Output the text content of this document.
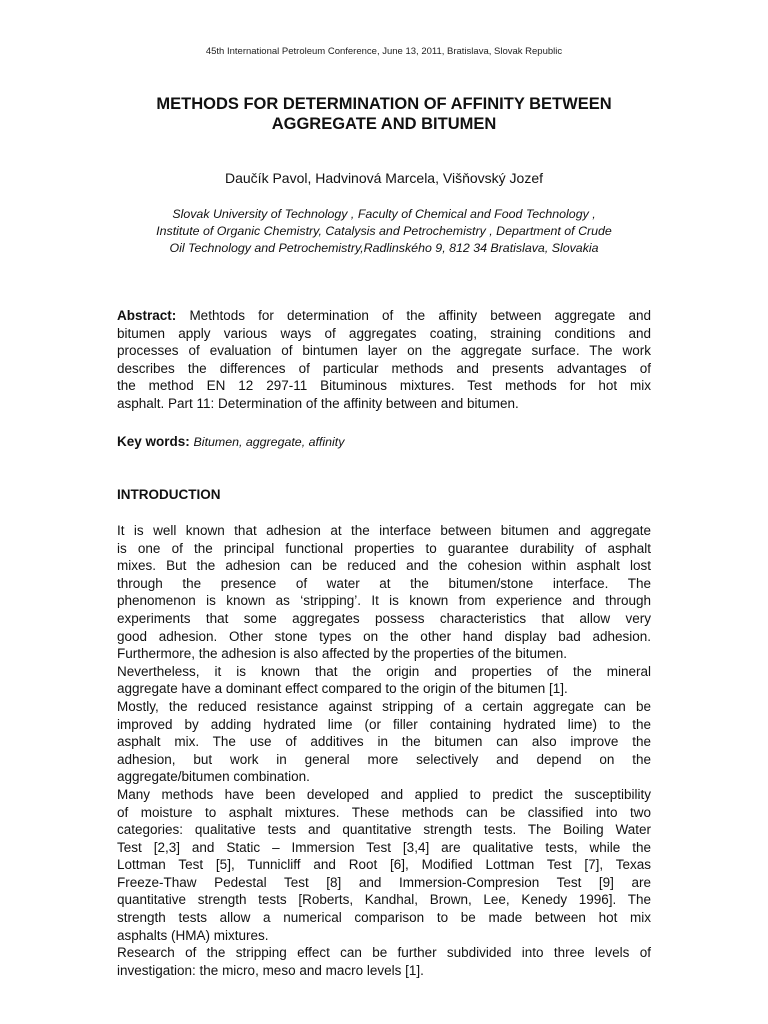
45th International Petroleum Conference, June 13, 2011, Bratislava, Slovak Republic
METHODS FOR DETERMINATION OF AFFINITY BETWEEN
AGGREGATE AND BITUMEN
Daučík Pavol, Hadvinová Marcela, Višňovský Jozef
Slovak University of Technology , Faculty of Chemical and Food Technology ,
Institute of Organic Chemistry, Catalysis and Petrochemistry , Department of Crude
Oil Technology and Petrochemistry,Radlinského 9, 812 34 Bratislava, Slovakia
Abstract: Methtods for determination of the affinity between aggregate and
bitumen apply various ways of aggregates coating, straining conditions and
processes of evaluation of bintumen layer on the aggregate surface. The work
describes the differences of particular methods and presents advantages of
the method EN 12 297-11 Bituminous mixtures. Test methods for hot mix
asphalt. Part 11: Determination of the affinity between and bitumen.
Key words: Bitumen, aggregate, affinity
INTRODUCTION
It is well known that adhesion at the interface between bitumen and aggregate
is one of the principal functional properties to guarantee durability of asphalt
mixes. But the adhesion can be reduced and the cohesion within asphalt lost
through the presence of water at the bitumen/stone interface. The
phenomenon is known as ‘stripping’. It is known from experience and through
experiments that some aggregates possess characteristics that allow very
good adhesion. Other stone types on the other hand display bad adhesion.
Furthermore, the adhesion is also affected by the properties of the bitumen.
Nevertheless, it is known that the origin and properties of the mineral
aggregate have a dominant effect compared to the origin of the bitumen [1].
Mostly, the reduced resistance against stripping of a certain aggregate can be
improved by adding hydrated lime (or filler containing hydrated lime) to the
asphalt mix. The use of additives in the bitumen can also improve the
adhesion, but work in general more selectively and depend on the
aggregate/bitumen combination.
Many methods have been developed and applied to predict the susceptibility
of moisture to asphalt mixtures. These methods can be classified into two
categories: qualitative tests and quantitative strength tests. The Boiling Water
Test [2,3] and Static – Immersion Test [3,4] are qualitative tests, while the
Lottman Test [5], Tunnicliff and Root [6], Modified Lottman Test [7], Texas
Freeze-Thaw Pedestal Test [8] and Immersion-Compresion Test [9] are
quantitative strength tests [Roberts, Kandhal, Brown, Lee, Kenedy 1996]. The
strength tests allow a numerical comparison to be made between hot mix
asphalts (HMA) mixtures.
Research of the stripping effect can be further subdivided into three levels of
investigation: the micro, meso and macro levels [1].
